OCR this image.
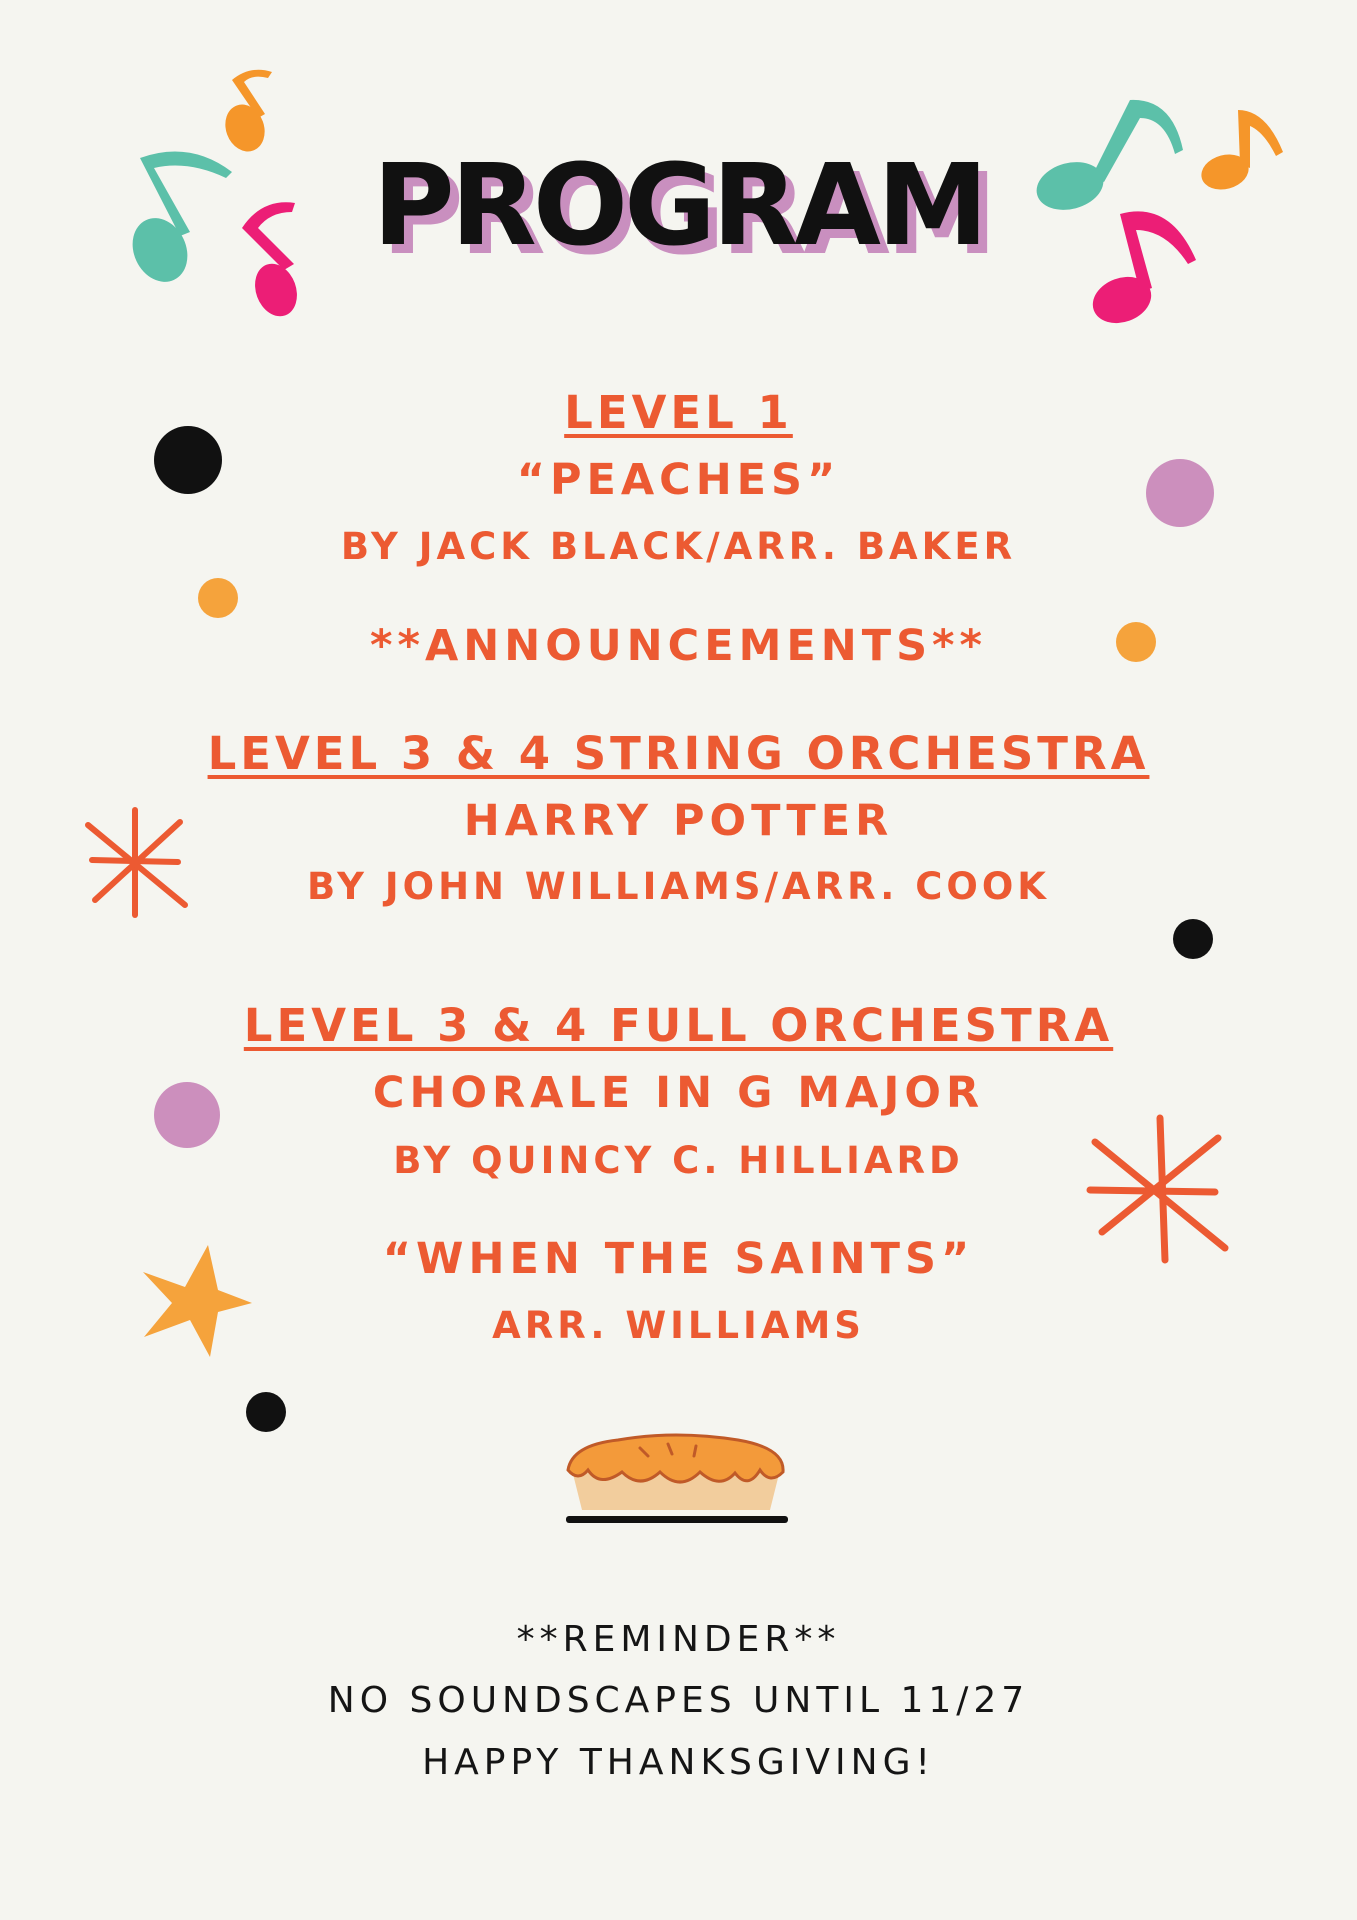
PROGRAM
LEVEL 1
“PEACHES”
BY JACK BLACK/ARR. BAKER
**ANNOUNCEMENTS**
LEVEL 3 & 4 STRING ORCHESTRA
HARRY POTTER
BY JOHN WILLIAMS/ARR. COOK
LEVEL 3 & 4 FULL ORCHESTRA
CHORALE IN G MAJOR
BY QUINCY C. HILLIARD
“WHEN THE SAINTS”
ARR. WILLIAMS
**REMINDER**
NO SOUNDSCAPES UNTIL 11/27
HAPPY THANKSGIVING!
